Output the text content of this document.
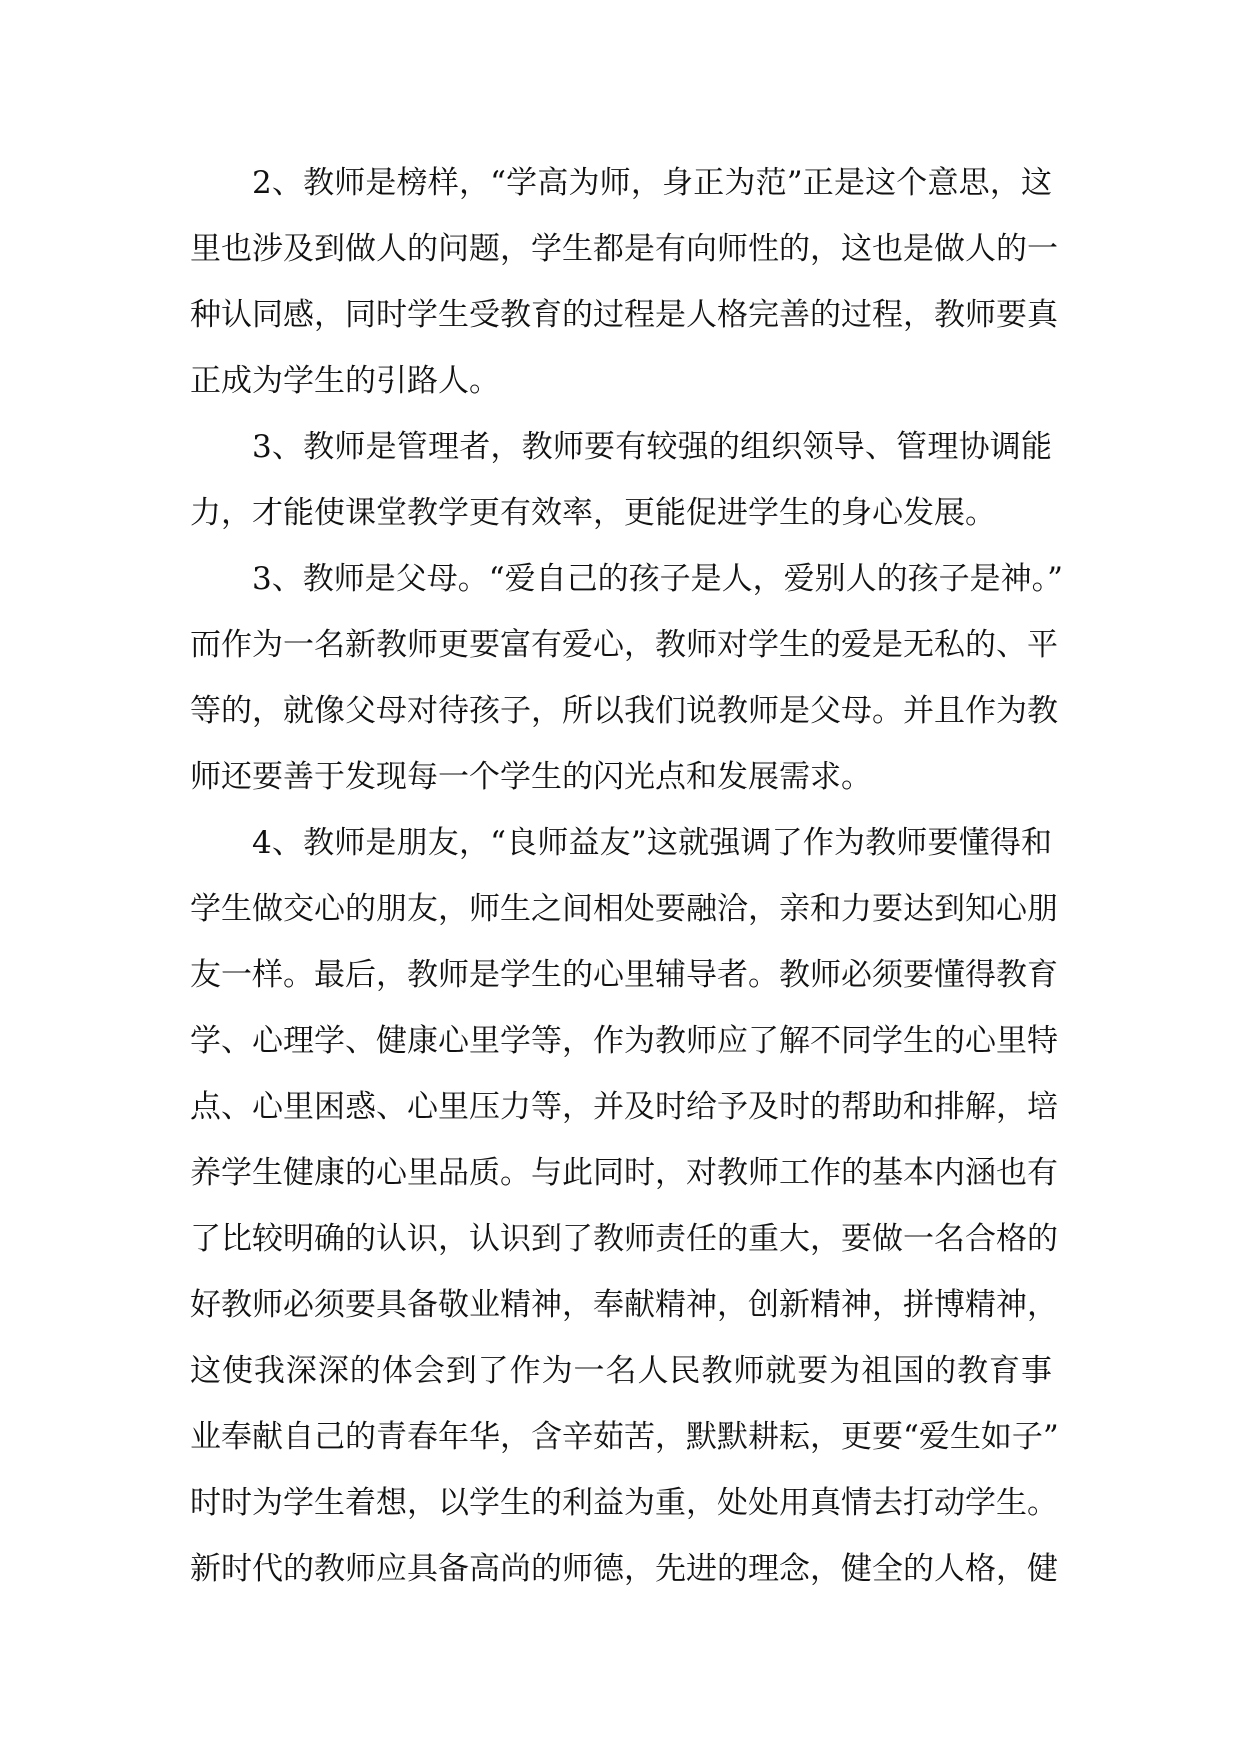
2、教师是榜样，“学高为师，身正为范”正是这个意思，这
里也涉及到做人的问题，学生都是有向师性的，这也是做人的一
种认同感，同时学生受教育的过程是人格完善的过程，教师要真
正成为学生的引路人。
3、教师是管理者，教师要有较强的组织领导、管理协调能
力，才能使课堂教学更有效率，更能促进学生的身心发展。
3、教师是父母。“爱自己的孩子是人，爱别人的孩子是神。”
而作为一名新教师更要富有爱心，教师对学生的爱是无私的、平
等的，就像父母对待孩子，所以我们说教师是父母。并且作为教
师还要善于发现每一个学生的闪光点和发展需求。
4、教师是朋友，“良师益友”这就强调了作为教师要懂得和
学生做交心的朋友，师生之间相处要融洽，亲和力要达到知心朋
友一样。最后，教师是学生的心里辅导者。教师必须要懂得教育
学、心理学、健康心里学等，作为教师应了解不同学生的心里特
点、心里困惑、心里压力等，并及时给予及时的帮助和排解，培
养学生健康的心里品质。与此同时，对教师工作的基本内涵也有
了比较明确的认识，认识到了教师责任的重大，要做一名合格的
好教师必须要具备敬业精神，奉献精神，创新精神，拼博精神，
这使我深深的体会到了作为一名人民教师就要为祖国的教育事
业奉献自己的青春年华，含辛茹苦，默默耕耘，更要“爱生如子”
时时为学生着想，以学生的利益为重，处处用真情去打动学生。
新时代的教师应具备高尚的师德，先进的理念，健全的人格，健
